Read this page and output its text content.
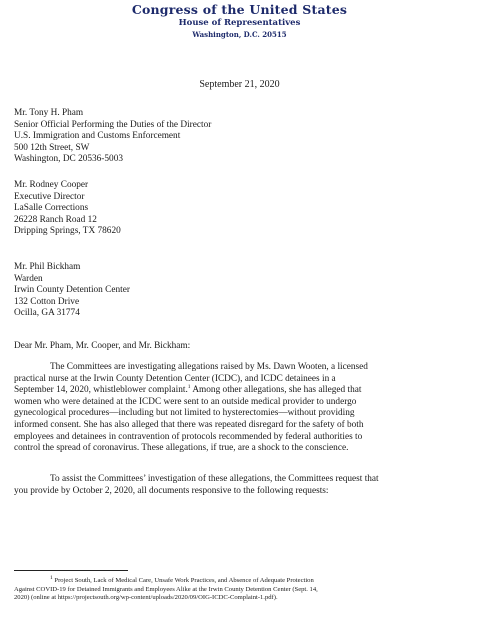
Congress of the United States
House of Representatives
Washington, D.C. 20515
September 21, 2020
Mr. Tony H. Pham
Senior Official Performing the Duties of the Director
U.S. Immigration and Customs Enforcement
500 12th Street, SW
Washington, DC 20536-5003
Mr. Rodney Cooper
Executive Director
LaSalle Corrections
26228 Ranch Road 12
Dripping Springs, TX 78620
Mr. Phil Bickham
Warden
Irwin County Detention Center
132 Cotton Drive
Ocilla, GA 31774
Dear Mr. Pham, Mr. Cooper, and Mr. Bickham:
The Committees are investigating allegations raised by Ms. Dawn Wooten, a licensed
practical nurse at the Irwin County Detention Center (ICDC), and ICDC detainees in a
September 14, 2020, whistleblower complaint.$^1$ Among other allegations, she has alleged that
women who were detained at the ICDC were sent to an outside medical provider to undergo
gynecological procedures—including but not limited to hysterectomies—without providing
informed consent. She has also alleged that there was repeated disregard for the safety of both
employees and detainees in contravention of protocols recommended by federal authorities to
control the spread of coronavirus. These allegations, if true, are a shock to the conscience.
To assist the Committees’ investigation of these allegations, the Committees request that
you provide by October 2, 2020, all documents responsive to the following requests:
$^1$ Project South, Lack of Medical Care, Unsafe Work Practices, and Absence of Adequate Protection
Against COVID-19 for Detained Immigrants and Employees Alike at the Irwin County Detention Center (Sept. 14,
2020) (online at https://projectsouth.org/wp-content/uploads/2020/09/OIG-ICDC-Complaint-1.pdf).
